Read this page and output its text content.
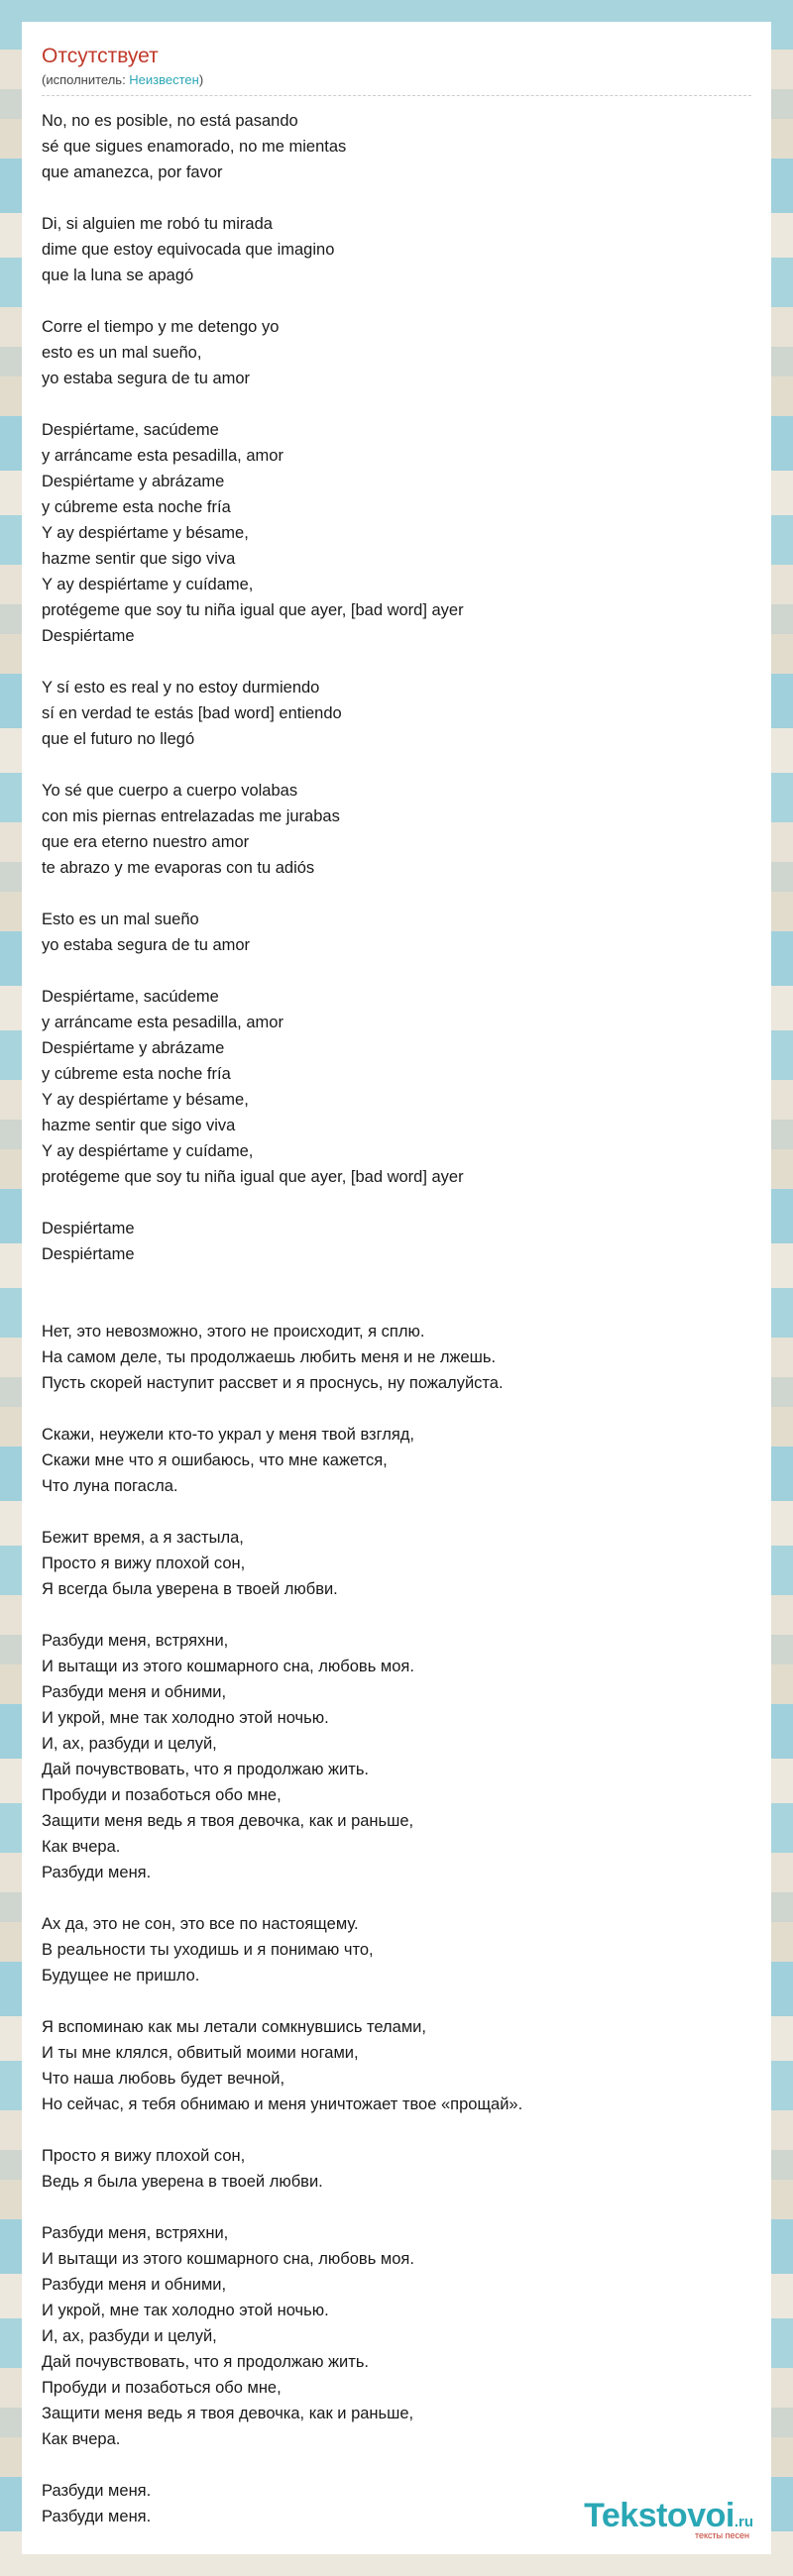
Отсутствует
(исполнитель: Неизвестен)
No, no es posible, no está pasando
sé que sigues enamorado, no me mientas
que amanezca, por favor
Di, si alguien me robó tu mirada
dime que estoy equivocada que imagino
que la luna se apagó
Corre el tiempo y me detengo yo
esto es un mal sueño,
yo estaba segura de tu amor
Despiértame, sacúdeme
y arráncame esta pesadilla, amor
Despiértame y abrázame
y cúbreme esta noche fría
Y ay despiértame y bésame,
hazme sentir que sigo viva
Y ay despiértame y cuídame,
protégeme que soy tu niña igual que ayer, [bad word] ayer
Despiértame
Y sí esto es real y no estoy durmiendo
sí en verdad te estás [bad word] entiendo
que el futuro no llegó
Yo sé que cuerpo a cuerpo volabas
con mis piernas entrelazadas me jurabas
que era eterno nuestro amor
te abrazo y me evaporas con tu adiós
Esto es un mal sueño
yo estaba segura de tu amor
Despiértame, sacúdeme
y arráncame esta pesadilla, amor
Despiértame y abrázame
y cúbreme esta noche fría
Y ay despiértame y bésame,
hazme sentir que sigo viva
Y ay despiértame y cuídame,
protégeme que soy tu niña igual que ayer, [bad word] ayer
Despiértame
Despiértame
Нет, это невозможно, этого не происходит, я сплю.
На самом деле, ты продолжаешь любить меня и не лжешь.
Пусть скорей наступит рассвет и я проснусь, ну пожалуйста.
Скажи, неужели кто-то украл у меня твой взгляд,
Скажи мне что я ошибаюсь, что мне кажется,
Что луна погасла.
Бежит время, а я застыла,
Просто я вижу плохой сон,
Я всегда была уверена в твоей любви.
Разбуди меня, встряхни,
И вытащи из этого кошмарного сна, любовь моя.
Разбуди меня и обними,
И укрой, мне так холодно этой ночью.
И, ах, разбуди и целуй,
Дай почувствовать, что я продолжаю жить.
Пробуди и позаботься обо мне,
Защити меня ведь я твоя девочка, как и раньше,
Как вчера.
Разбуди меня.
Ах да, это не сон, это все по настоящему.
В реальности ты уходишь и я понимаю что,
Будущее не пришло.
Я вспоминаю как мы летали сомкнувшись телами,
И ты мне клялся, обвитый моими ногами,
Что наша любовь будет вечной,
Но сейчас, я тебя обнимаю и меня уничтожает твое «прощай».
Просто я вижу плохой сон,
Ведь я была уверена в твоей любви.
Разбуди меня, встряхни,
И вытащи из этого кошмарного сна, любовь моя.
Разбуди меня и обними,
И укрой, мне так холодно этой ночью.
И, ах, разбуди и целуй,
Дай почувствовать, что я продолжаю жить.
Пробуди и позаботься обо мне,
Защити меня ведь я твоя девочка, как и раньше,
Как вчера.
Разбуди меня.
Разбуди меня.	Tekstovoi.ru
тексты песен
